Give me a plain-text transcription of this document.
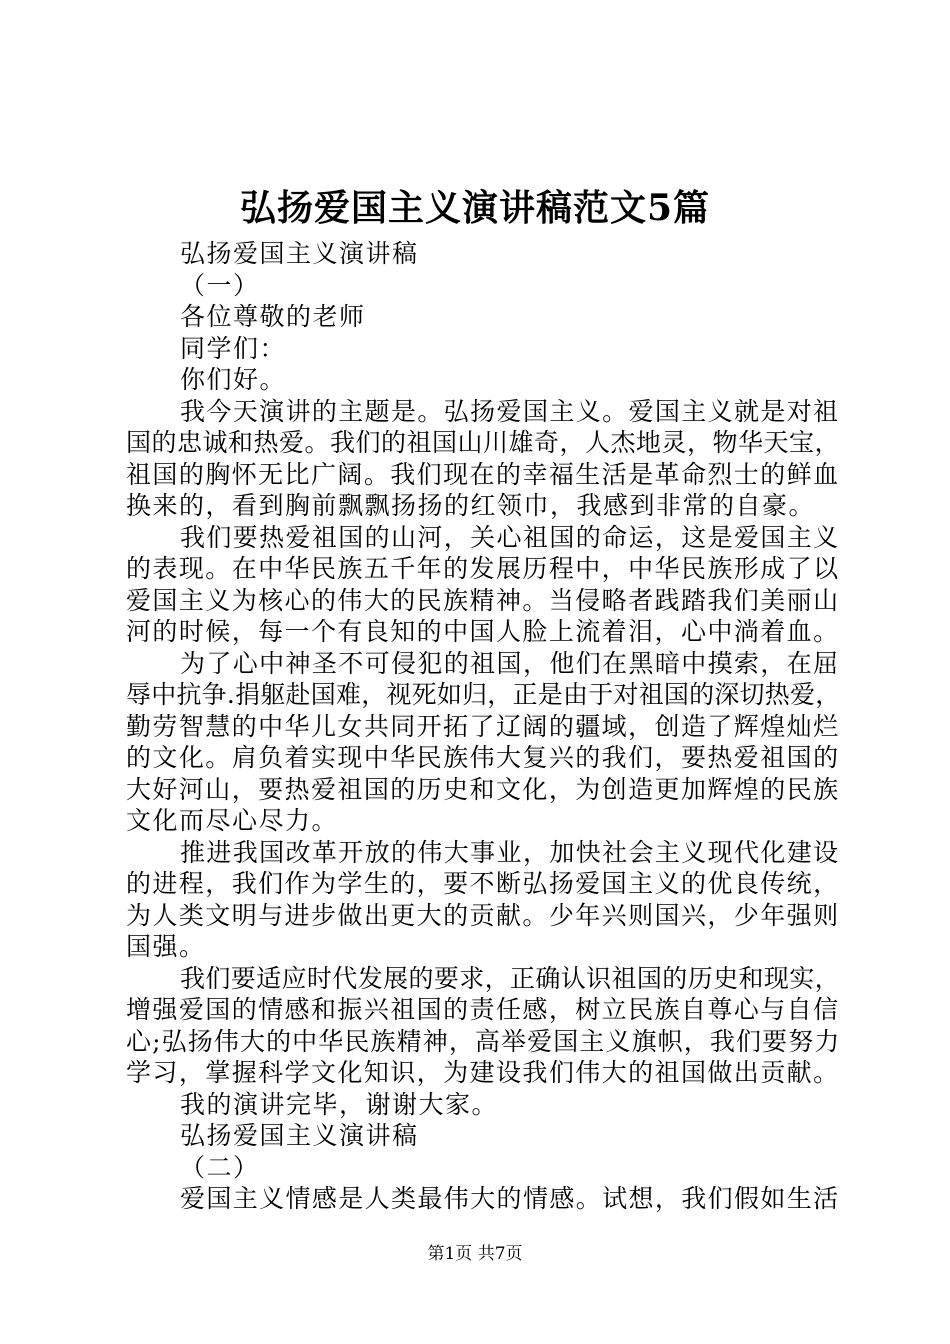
弘扬爱国主义演讲稿范文5篇
弘扬爱国主义演讲稿
（一）
各位尊敬的老师
同学们：
你们好。
我今天演讲的主题是。弘扬爱国主义。爱国主义就是对祖
国的忠诚和热爱。我们的祖国山川雄奇，人杰地灵，物华天宝，
祖国的胸怀无比广阔。我们现在的幸福生活是革命烈士的鲜血
换来的，看到胸前飘飘扬扬的红领巾，我感到非常的自豪。
我们要热爱祖国的山河，关心祖国的命运，这是爱国主义
的表现。在中华民族五千年的发展历程中，中华民族形成了以
爱国主义为核心的伟大的民族精神。当侵略者践踏我们美丽山
河的时候，每一个有良知的中国人脸上流着泪，心中淌着血。
为了心中神圣不可侵犯的祖国，他们在黑暗中摸索，在屈
辱中抗争.捐躯赴国难，视死如归，正是由于对祖国的深切热爱，
勤劳智慧的中华儿女共同开拓了辽阔的疆域，创造了辉煌灿烂
的文化。肩负着实现中华民族伟大复兴的我们，要热爱祖国的
大好河山，要热爱祖国的历史和文化，为创造更加辉煌的民族
文化而尽心尽力。
推进我国改革开放的伟大事业，加快社会主义现代化建设
的进程，我们作为学生的，要不断弘扬爱国主义的优良传统，
为人类文明与进步做出更大的贡献。少年兴则国兴，少年强则
国强。
我们要适应时代发展的要求，正确认识祖国的历史和现实，
增强爱国的情感和振兴祖国的责任感，树立民族自尊心与自信
心;弘扬伟大的中华民族精神，高举爱国主义旗帜，我们要努力
学习，掌握科学文化知识，为建设我们伟大的祖国做出贡献。
我的演讲完毕，谢谢大家。
弘扬爱国主义演讲稿
（二）
爱国主义情感是人类最伟大的情感。试想，我们假如生活
第1页 共7页
